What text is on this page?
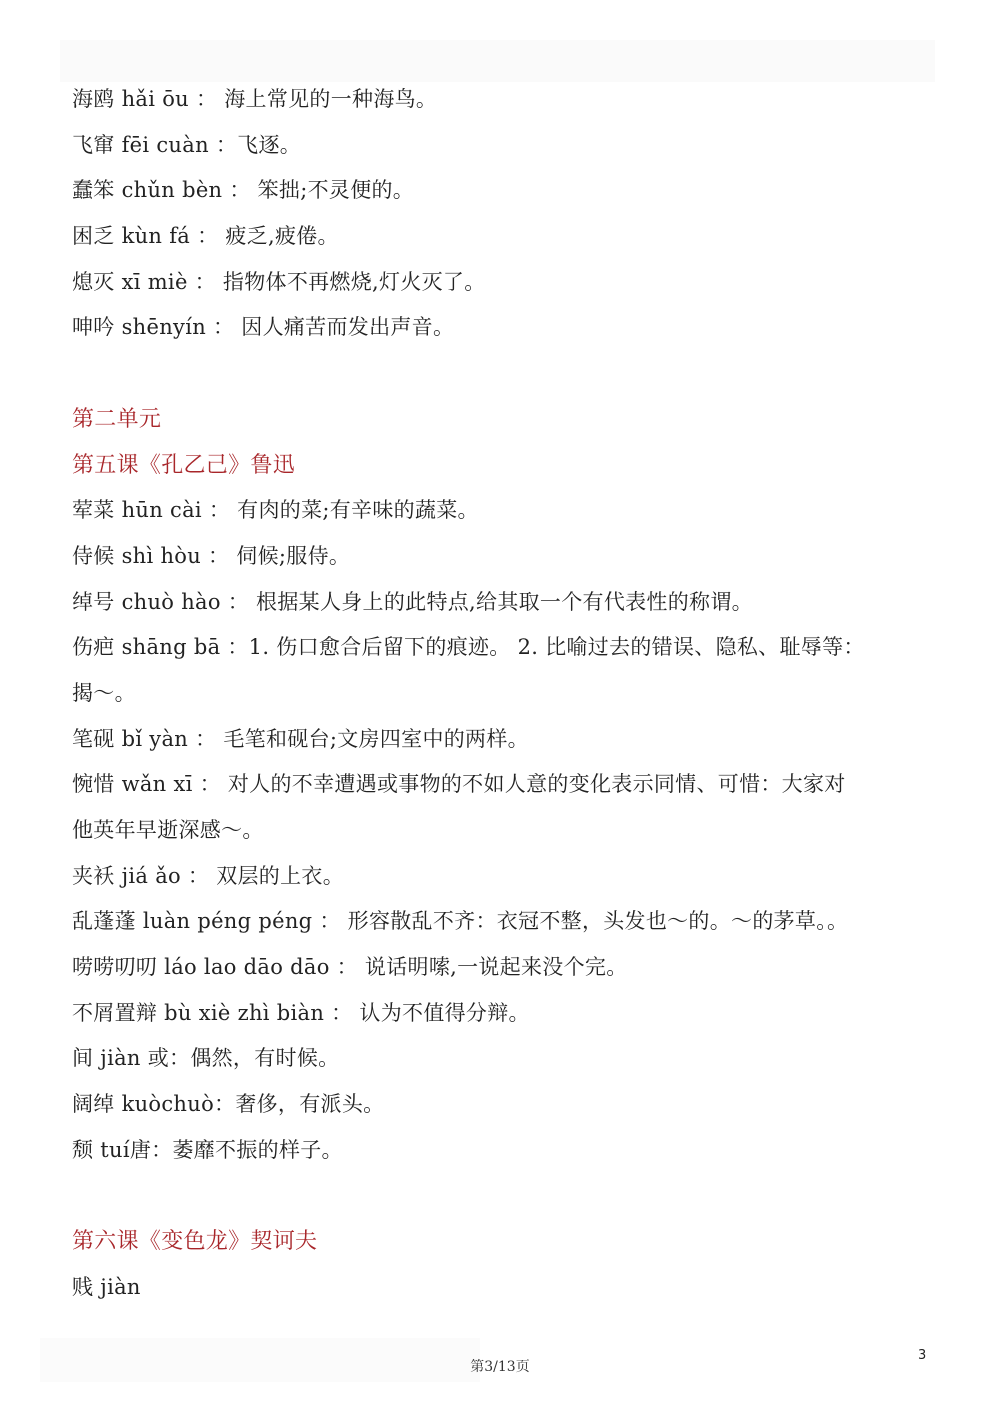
海鸥 hǎi ōu ： 海上常见的一种海鸟。
飞窜 fēi cuàn ：飞逐。
蠢笨 chǔn bèn ： 笨拙;不灵便的。
困乏 kùn fá ： 疲乏,疲倦。
熄灭 xī miè ： 指物体不再燃烧,灯火灭了。
呻吟 shēnyín ： 因人痛苦而发出声音。
第二单元
第五课《孔乙己》鲁迅
荤菜 hūn cài ： 有肉的菜;有辛味的蔬菜。
侍候 shì hòu ： 伺候;服侍。
绰号 chuò hào ： 根据某人身上的此特点,给其取一个有代表性的称谓。
伤疤 shāng bā ：1. 伤口愈合后留下的痕迹。 2. 比喻过去的错误、隐私、耻辱等：
揭～。
笔砚 bǐ yàn ： 毛笔和砚台;文房四室中的两样。
惋惜 wǎn xī ： 对人的不幸遭遇或事物的不如人意的变化表示同情、可惜：大家对
他英年早逝深感～。
夹袄 jiá ǎo ： 双层的上衣。
乱蓬蓬 luàn péng péng ： 形容散乱不齐：衣冠不整，头发也～的。～的茅草。。
唠唠叨叨 láo lao dāo dāo ： 说话明嗦,一说起来没个完。
不屑置辩 bù xiè zhì biàn ： 认为不值得分辩。
间 jiàn 或：偶然，有时候。
阔绰 kuòchuò：奢侈，有派头。
颓 tuí唐：萎靡不振的样子。
第六课《变色龙》契诃夫
贱 jiàn
第3/13页
3
